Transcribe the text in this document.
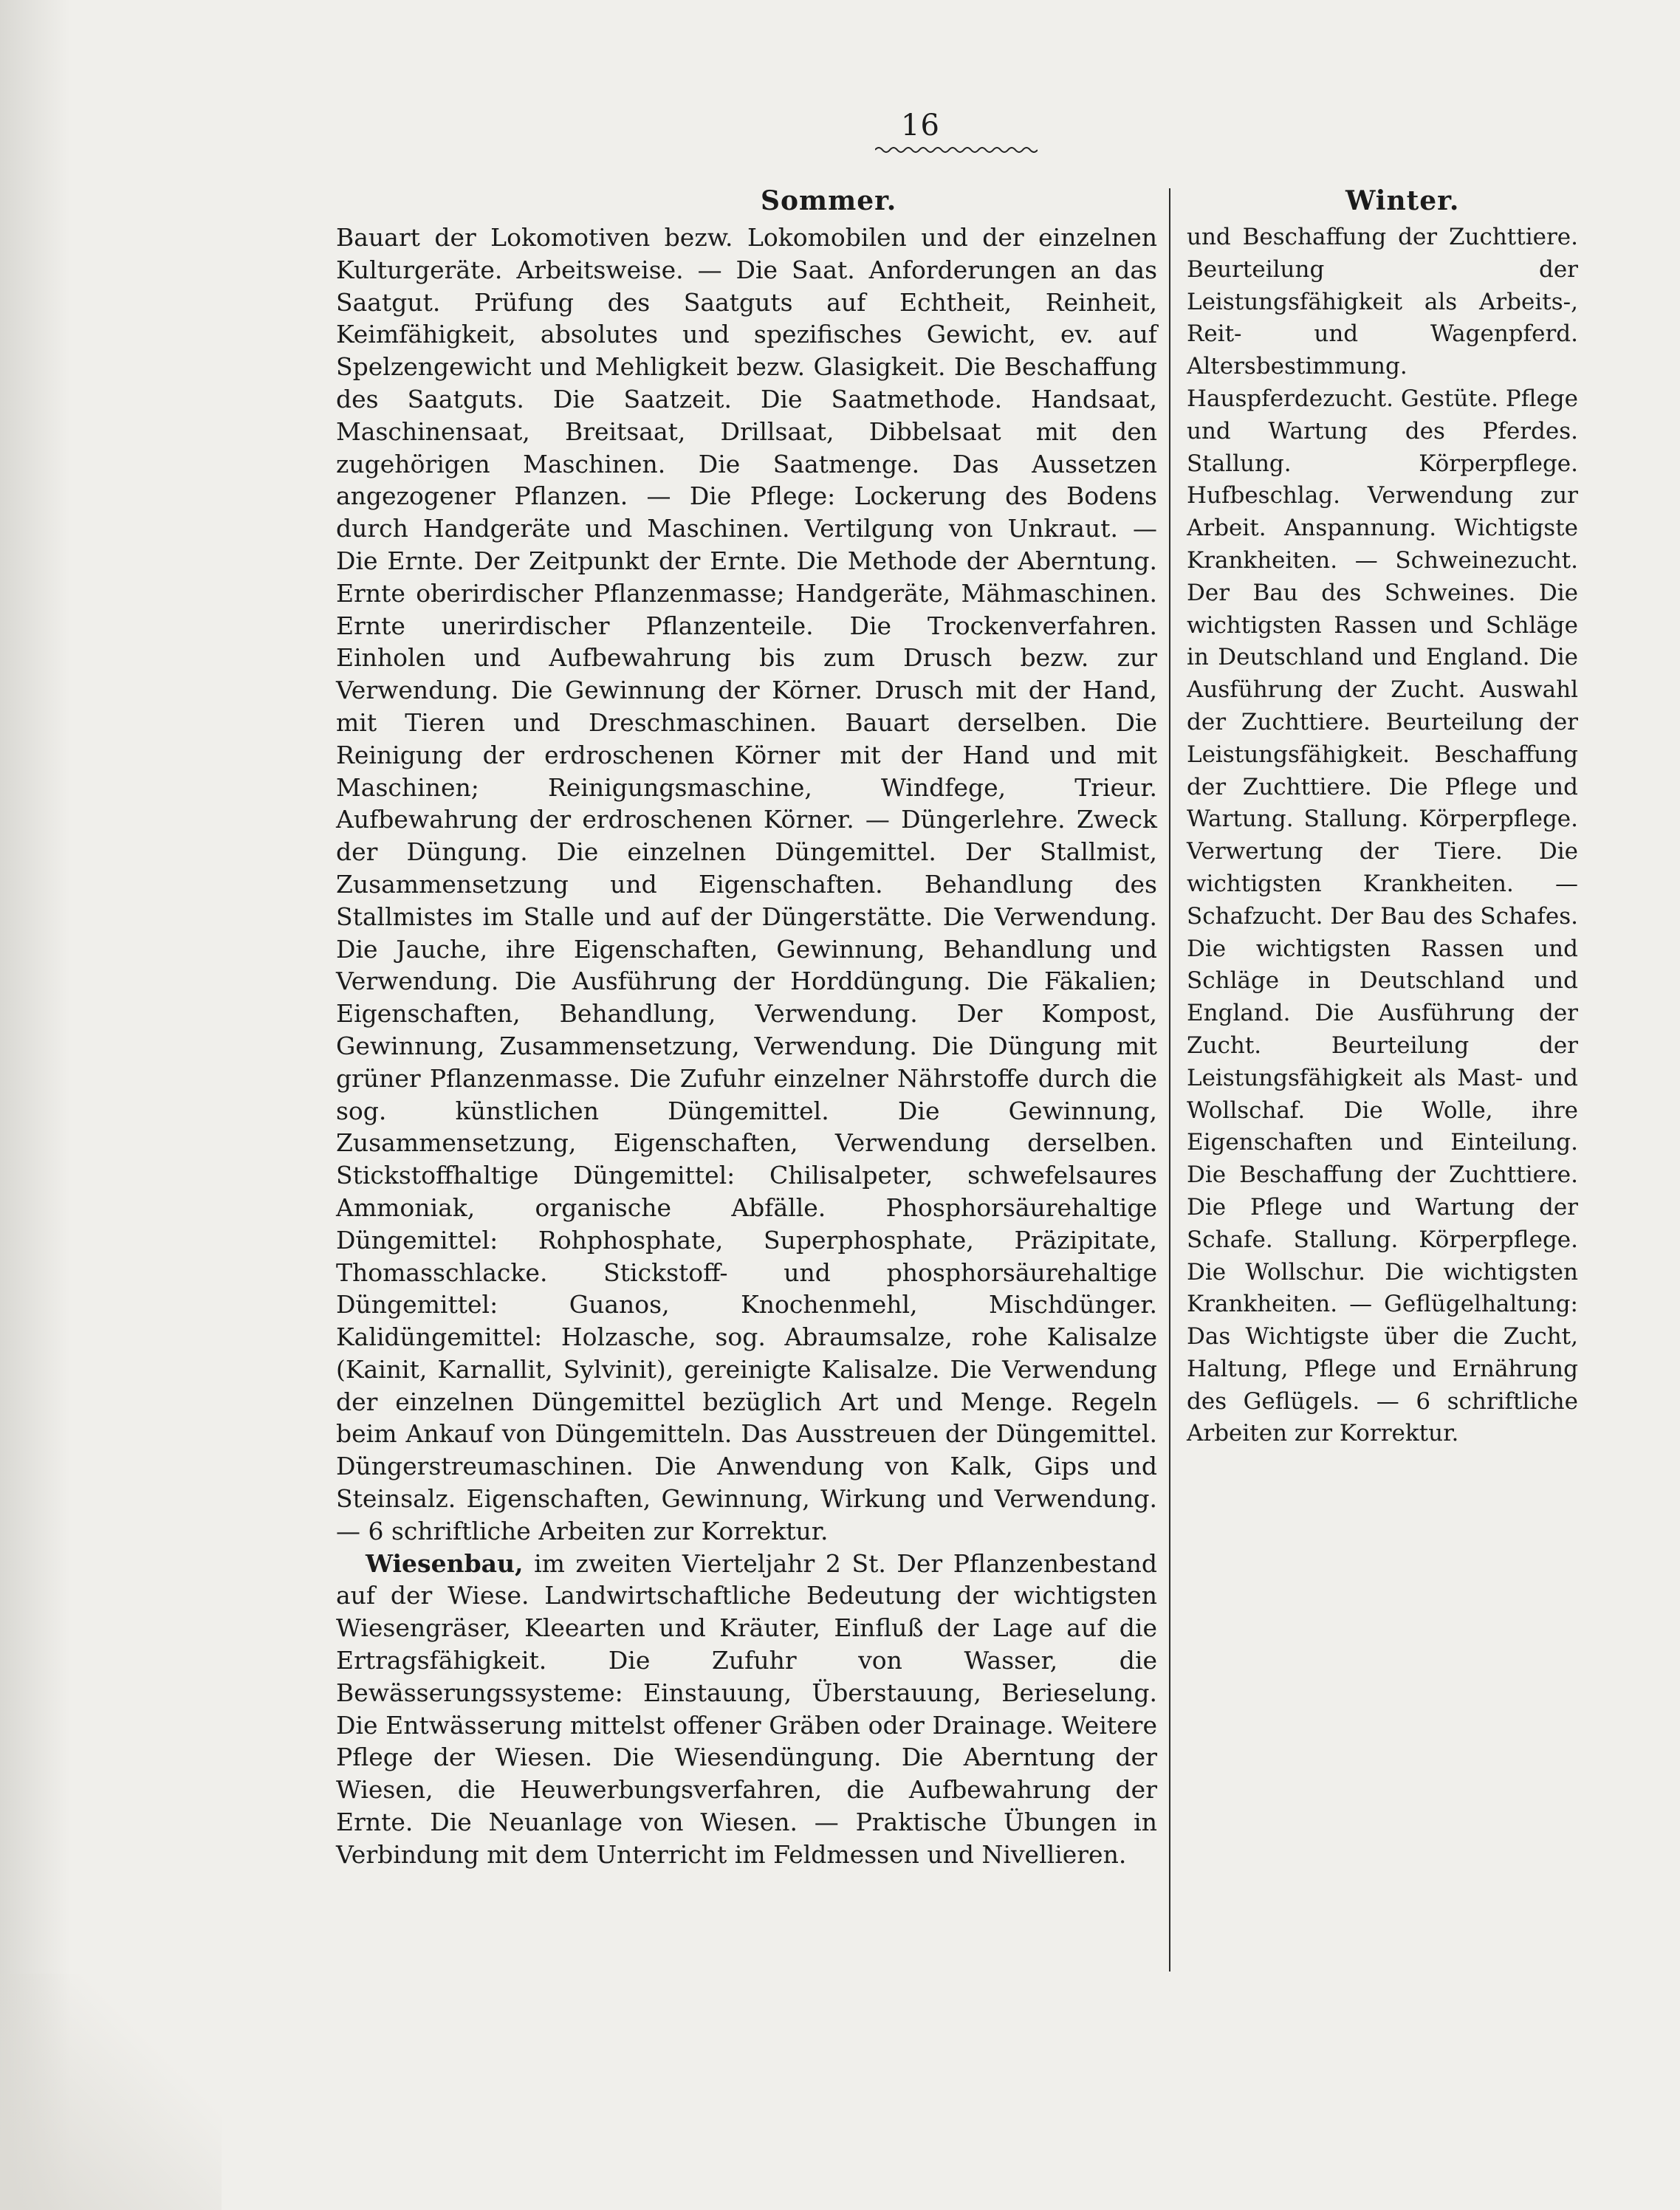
16
Sommer.	Winter.

Bauart der Lokomotiven bezw. Lokomobilen und der einzelnen Kulturgeräte. Arbeitsweise. — Die Saat. Anforderungen an das Saatgut. Prüfung des Saatguts auf Echtheit, Reinheit, Keimfähigkeit, absolutes und spezifisches Gewicht, ev. auf Spelzengewicht und Mehligkeit bezw. Glasigkeit. Die Beschaffung des Saatguts. Die Saatzeit. Die Saatmethode. Handsaat, Maschinensaat, Breitsaat, Drillsaat, Dibbelsaat mit den zugehörigen Maschinen. Die Saatmenge. Das Aussetzen angezogener Pflanzen. — Die Pflege: Lockerung des Bodens durch Handgeräte und Maschinen. Vertilgung von Unkraut. — Die Ernte. Der Zeitpunkt der Ernte. Die Methode der Aberntung. Ernte oberirdischer Pflanzenmasse; Handgeräte, Mähmaschinen. Ernte unerirdischer Pflanzenteile. Die Trockenverfahren. Einholen und Aufbewahrung bis zum Drusch bezw. zur Verwendung. Die Gewinnung der Körner. Drusch mit der Hand, mit Tieren und Dreschmaschinen. Bauart derselben. Die Reinigung der erdroschenen Körner mit der Hand und mit Maschinen; Reinigungsmaschine, Windfege, Trieur. Aufbewahrung der erdroschenen Körner. — Düngerlehre. Zweck der Düngung. Die einzelnen Düngemittel. Der Stallmist, Zusammensetzung und Eigenschaften. Behandlung des Stallmistes im Stalle und auf der Düngerstätte. Die Verwendung. Die Jauche, ihre Eigenschaften, Gewinnung, Behandlung und Verwendung. Die Ausführung der Horddüngung. Die Fäkalien; Eigenschaften, Behandlung, Verwendung. Der Kompost, Gewinnung, Zusammensetzung, Verwendung. Die Düngung mit grüner Pflanzenmasse. Die Zufuhr einzelner Nährstoffe durch die sog. künstlichen Düngemittel. Die Gewinnung, Zusammensetzung, Eigenschaften, Verwendung derselben. Stickstoffhaltige Düngemittel: Chilisalpeter, schwefelsaures Ammoniak, organische Abfälle. Phosphorsäurehaltige Düngemittel: Rohphosphate, Superphosphate, Präzipitate, Thomasschlacke. Stickstoff- und phosphorsäurehaltige Düngemittel: Guanos, Knochenmehl, Mischdünger. Kalidüngemittel: Holzasche, sog. Abraumsalze, rohe Kalisalze (Kainit, Karnallit, Sylvinit), gereinigte Kalisalze. Die Verwendung der einzelnen Düngemittel bezüglich Art und Menge. Regeln beim Ankauf von Düngemitteln. Das Ausstreuen der Düngemittel. Düngerstreumaschinen. Die Anwendung von Kalk, Gips und Steinsalz. Eigenschaften, Gewinnung, Wirkung und Verwendung. — 6 schriftliche Arbeiten zur Korrektur.

Wiesenbau, im zweiten Vierteljahr 2 St. Der Pflanzenbestand auf der Wiese. Landwirtschaftliche Bedeutung der wichtigsten Wiesengräser, Kleearten und Kräuter, Einfluß der Lage auf die Ertragsfähigkeit. Die Zufuhr von Wasser, die Bewässerungssysteme: Einstauung, Überstauung, Berieselung. Die Entwässerung mittelst offener Gräben oder Drainage. Weitere Pflege der Wiesen. Die Wiesendüngung. Die Aberntung der Wiesen, die Heuwerbungsverfahren, die Aufbewahrung der Ernte. Die Neuanlage von Wiesen. — Praktische Übungen in Verbindung mit dem Unterricht im Feldmessen und Nivellieren.

und Beschaffung der Zuchttiere. Beurteilung der Leistungsfähigkeit als Arbeits-, Reit- und Wagenpferd. Altersbestimmung. Hauspferdezucht. Gestüte. Pflege und Wartung des Pferdes. Stallung. Körperpflege. Hufbeschlag. Verwendung zur Arbeit. Anspannung. Wichtigste Krankheiten. — Schweinezucht. Der Bau des Schweines. Die wichtigsten Rassen und Schläge in Deutschland und England. Die Ausführung der Zucht. Auswahl der Zuchttiere. Beurteilung der Leistungsfähigkeit. Beschaffung der Zuchttiere. Die Pflege und Wartung. Stallung. Körperpflege. Verwertung der Tiere. Die wichtigsten Krankheiten. — Schafzucht. Der Bau des Schafes. Die wichtigsten Rassen und Schläge in Deutschland und England. Die Ausführung der Zucht. Beurteilung der Leistungsfähigkeit als Mast- und Wollschaf. Die Wolle, ihre Eigenschaften und Einteilung. Die Beschaffung der Zuchttiere. Die Pflege und Wartung der Schafe. Stallung. Körperpflege. Die Wollschur. Die wichtigsten Krankheiten. — Geflügelhaltung: Das Wichtigste über die Zucht, Haltung, Pflege und Ernährung des Geflügels. — 6 schriftliche Arbeiten zur Korrektur.
